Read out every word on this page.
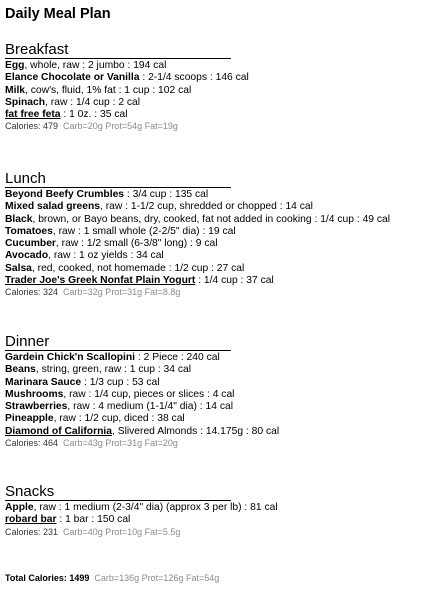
Daily Meal Plan
Breakfast
Egg, whole, raw : 2 jumbo : 194 cal
Elance Chocolate or Vanilla : 2-1/4 scoops : 146 cal
Milk, cow's, fluid, 1% fat : 1 cup : 102 cal
Spinach, raw : 1/4 cup : 2 cal
fat free feta : 1 0z. : 35 cal
Calories: 479 Carb=20g Prot=54g Fat=19g
Lunch
Beyond Beefy Crumbles : 3/4 cup : 135 cal
Mixed salad greens, raw : 1-1/2 cup, shredded or chopped : 14 cal
Black, brown, or Bayo beans, dry, cooked, fat not added in cooking : 1/4 cup : 49 cal
Tomatoes, raw : 1 small whole (2-2/5" dia) : 19 cal
Cucumber, raw : 1/2 small (6-3/8" long) : 9 cal
Avocado, raw : 1 oz yields : 34 cal
Salsa, red, cooked, not homemade : 1/2 cup : 27 cal
Trader Joe's Greek Nonfat Plain Yogurt : 1/4 cup : 37 cal
Calories: 324 Carb=32g Prot=31g Fat=8.8g
Dinner
Gardein Chick'n Scallopini : 2 Piece : 240 cal
Beans, string, green, raw : 1 cup : 34 cal
Marinara Sauce : 1/3 cup : 53 cal
Mushrooms, raw : 1/4 cup, pieces or slices : 4 cal
Strawberries, raw : 4 medium (1-1/4" dia) : 14 cal
Pineapple, raw : 1/2 cup, diced : 38 cal
Diamond of California, Slivered Almonds : 14.175g : 80 cal
Calories: 464 Carb=43g Prot=31g Fat=20g
Snacks
Apple, raw : 1 medium (2-3/4" dia) (approx 3 per lb) : 81 cal
robard bar : 1 bar : 150 cal
Calories: 231 Carb=40g Prot=10g Fat=5.5g
Total Calories: 1499 Carb=136g Prot=126g Fat=54g
